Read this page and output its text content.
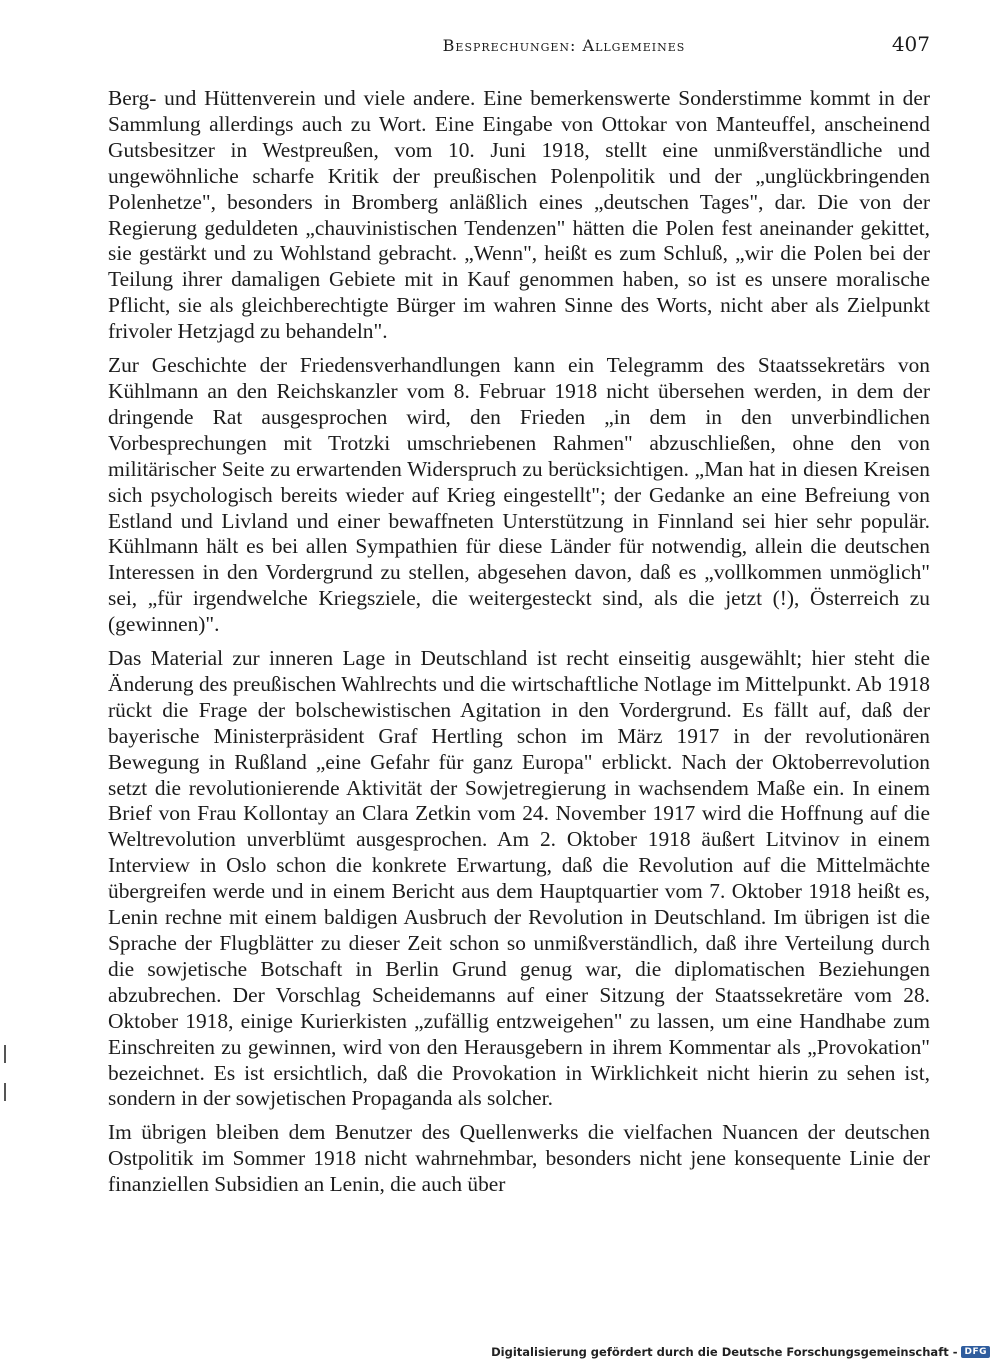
Besprechungen: Allgemeines	407

Berg- und Hüttenverein und viele andere. Eine bemerkenswerte Sonderstimme kommt in der Sammlung allerdings auch zu Wort. Eine Eingabe von Ottokar von Manteuffel, anscheinend Gutsbesitzer in Westpreußen, vom 10. Juni 1918, stellt eine unmißverständliche und ungewöhnliche scharfe Kritik der preußischen Polenpolitik und der „unglückbringenden Polenhetze", besonders in Bromberg anläßlich eines „deutschen Tages", dar. Die von der Regierung geduldeten „chauvinistischen Tendenzen" hätten die Polen fest aneinander gekittet, sie gestärkt und zu Wohlstand gebracht. „Wenn", heißt es zum Schluß, „wir die Polen bei der Teilung ihrer damaligen Gebiete mit in Kauf genommen haben, so ist es unsere moralische Pflicht, sie als gleichberechtigte Bürger im wahren Sinne des Worts, nicht aber als Zielpunkt frivoler Hetzjagd zu behandeln".

Zur Geschichte der Friedensverhandlungen kann ein Telegramm des Staatssekretärs von Kühlmann an den Reichskanzler vom 8. Februar 1918 nicht übersehen werden, in dem der dringende Rat ausgesprochen wird, den Frieden „in dem in den unverbindlichen Vorbesprechungen mit Trotzki umschriebenen Rahmen" abzuschließen, ohne den von militärischer Seite zu erwartenden Widerspruch zu berücksichtigen. „Man hat in diesen Kreisen sich psychologisch bereits wieder auf Krieg eingestellt"; der Gedanke an eine Befreiung von Estland und Livland und einer bewaffneten Unterstützung in Finnland sei hier sehr populär. Kühlmann hält es bei allen Sympathien für diese Länder für notwendig, allein die deutschen Interessen in den Vordergrund zu stellen, abgesehen davon, daß es „vollkommen unmöglich" sei, „für irgendwelche Kriegsziele, die weitergesteckt sind, als die jetzt (!), Österreich zu (gewinnen)".

Das Material zur inneren Lage in Deutschland ist recht einseitig ausgewählt; hier steht die Änderung des preußischen Wahlrechts und die wirtschaftliche Notlage im Mittelpunkt. Ab 1918 rückt die Frage der bolschewistischen Agitation in den Vordergrund. Es fällt auf, daß der bayerische Ministerpräsident Graf Hertling schon im März 1917 in der revolutionären Bewegung in Rußland „eine Gefahr für ganz Europa" erblickt. Nach der Oktoberrevolution setzt die revolutionierende Aktivität der Sowjetregierung in wachsendem Maße ein. In einem Brief von Frau Kollontay an Clara Zetkin vom 24. November 1917 wird die Hoffnung auf die Weltrevolution unverblümt ausgesprochen. Am 2. Oktober 1918 äußert Litvinov in einem Interview in Oslo schon die konkrete Erwartung, daß die Revolution auf die Mittelmächte übergreifen werde und in einem Bericht aus dem Hauptquartier vom 7. Oktober 1918 heißt es, Lenin rechne mit einem baldigen Ausbruch der Revolution in Deutschland. Im übrigen ist die Sprache der Flugblätter zu dieser Zeit schon so unmißverständlich, daß ihre Verteilung durch die sowjetische Botschaft in Berlin Grund genug war, die diplomatischen Beziehungen abzubrechen. Der Vorschlag Scheidemanns auf einer Sitzung der Staatssekretäre vom 28. Oktober 1918, einige Kurierkisten „zufällig entzweigehen" zu lassen, um eine Handhabe zum Einschreiten zu gewinnen, wird von den Herausgebern in ihrem Kommentar als „Provokation" bezeichnet. Es ist ersichtlich, daß die Provokation in Wirklichkeit nicht hierin zu sehen ist, sondern in der sowjetischen Propaganda als solcher.

Im übrigen bleiben dem Benutzer des Quellenwerks die vielfachen Nuancen der deutschen Ostpolitik im Sommer 1918 nicht wahrnehmbar, besonders nicht jene konsequente Linie der finanziellen Subsidien an Lenin, die auch über

Digitalisierung gefördert durch die Deutsche Forschungsgemeinschaft - DFG
